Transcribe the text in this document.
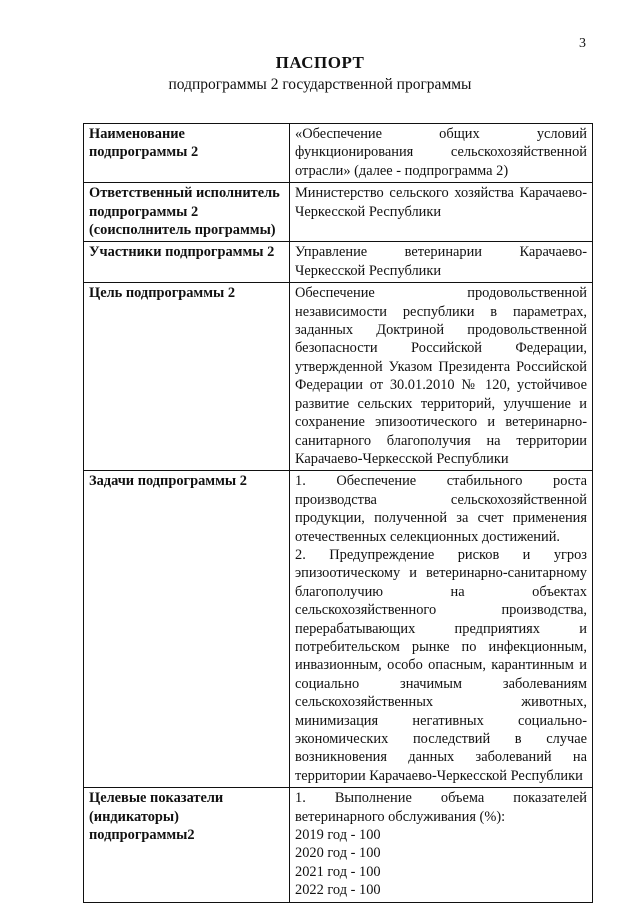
3
ПАСПОРТ
подпрограммы 2 государственной программы
Наименование подпрограммы 2	«Обеспечение общих условий функционирования сельскохозяйственной отрасли» (далее - подпрограмма 2)

Ответственный исполнитель подпрограммы 2 (соисполнитель программы)	Министерство сельского хозяйства Карачаево-Черкесской Республики

Участники подпрограммы 2	Управление ветеринарии Карачаево-Черкесской Республики

Цель подпрограммы 2	Обеспечение продовольственной независимости республики в параметрах, заданных Доктриной продовольственной безопасности Российской Федерации, утвержденной Указом Президента Российской Федерации от 30.01.2010 № 120, устойчивое развитие сельских территорий, улучшение и сохранение эпизоотического и ветеринарно-санитарного благополучия на территории Карачаево-Черкесской Республики

Задачи подпрограммы 2	1. Обеспечение стабильного роста производства сельскохозяйственной продукции, полученной за счет применения отечественных селекционных достижений.
2. Предупреждение рисков и угроз эпизоотическому и ветеринарно-санитарному благополучию на объектах сельскохозяйственного производства, перерабатывающих предприятиях и потребительском рынке по инфекционным, инвазионным, особо опасным, карантинным и социально значимым заболеваниям сельскохозяйственных животных, минимизация негативных социально-экономических последствий в случае возникновения данных заболеваний на территории Карачаево-Черкесской Республики

Целевые показатели (индикаторы) подпрограммы2	1. Выполнение объема показателей ветеринарного обслуживания (%):
2019 год - 100
2020 год - 100
2021 год - 100
2022 год - 100
